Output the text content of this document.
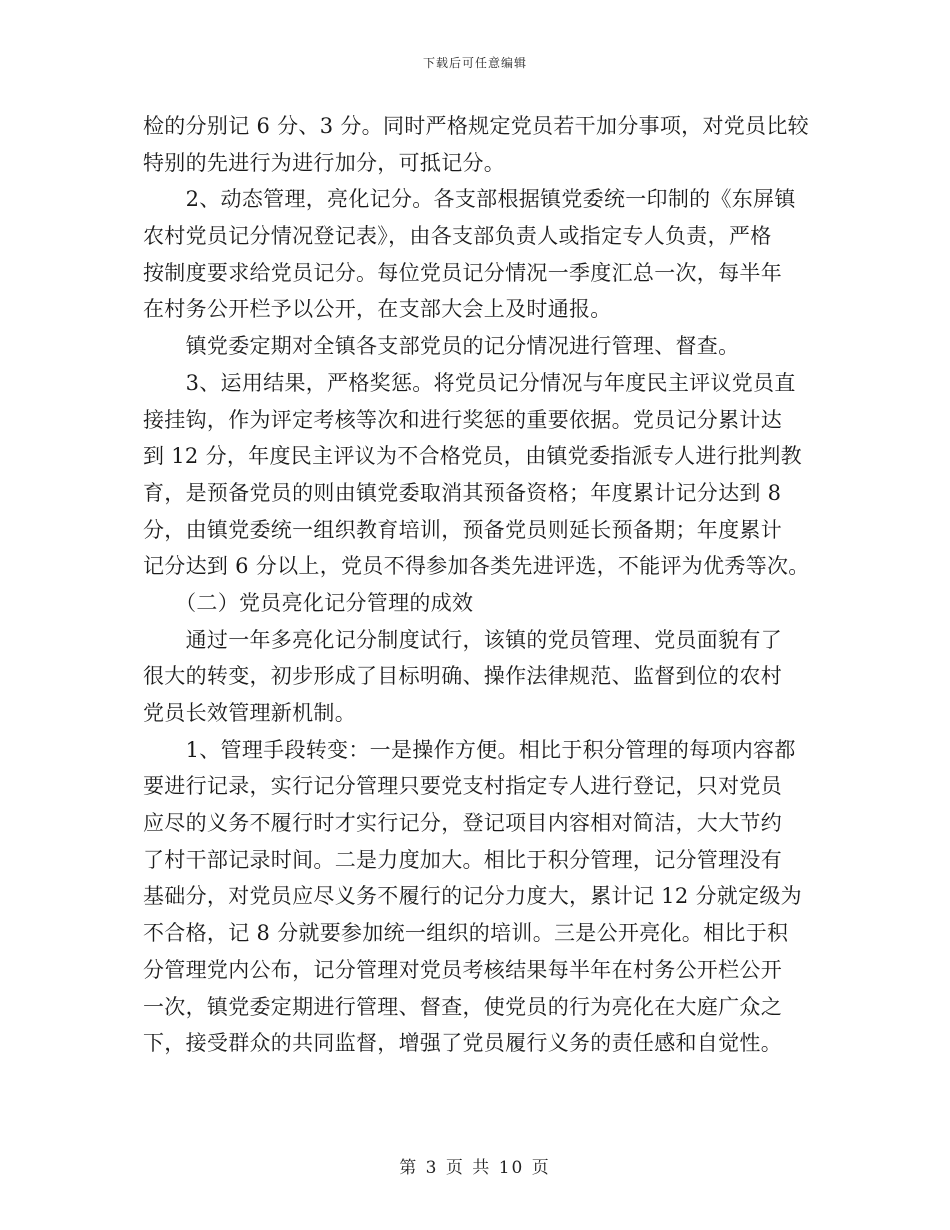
下载后可任意编辑
检的分别记 6 分、3 分。同时严格规定党员若干加分事项，对党员比较
特别的先进行为进行加分，可抵记分。
　　2、动态管理，亮化记分。各支部根据镇党委统一印制的《东屏镇
农村党员记分情况登记表》，由各支部负责人或指定专人负责，严格
按制度要求给党员记分。每位党员记分情况一季度汇总一次，每半年
在村务公开栏予以公开，在支部大会上及时通报。
　　镇党委定期对全镇各支部党员的记分情况进行管理、督查。
　　3、运用结果，严格奖惩。将党员记分情况与年度民主评议党员直
接挂钩，作为评定考核等次和进行奖惩的重要依据。党员记分累计达
到 12 分，年度民主评议为不合格党员，由镇党委指派专人进行批判教
育，是预备党员的则由镇党委取消其预备资格；年度累计记分达到 8
分，由镇党委统一组织教育培训，预备党员则延长预备期；年度累计
记分达到 6 分以上，党员不得参加各类先进评选，不能评为优秀等次。
　　（二）党员亮化记分管理的成效
　　通过一年多亮化记分制度试行，该镇的党员管理、党员面貌有了
很大的转变，初步形成了目标明确、操作法律规范、监督到位的农村
党员长效管理新机制。
　　1、管理手段转变：一是操作方便。相比于积分管理的每项内容都
要进行记录，实行记分管理只要党支村指定专人进行登记，只对党员
应尽的义务不履行时才实行记分，登记项目内容相对简洁，大大节约
了村干部记录时间。二是力度加大。相比于积分管理，记分管理没有
基础分，对党员应尽义务不履行的记分力度大，累计记 12 分就定级为
不合格，记 8 分就要参加统一组织的培训。三是公开亮化。相比于积
分管理党内公布，记分管理对党员考核结果每半年在村务公开栏公开
一次，镇党委定期进行管理、督查，使党员的行为亮化在大庭广众之
下，接受群众的共同监督，增强了党员履行义务的责任感和自觉性。
第 3 页 共 10 页
